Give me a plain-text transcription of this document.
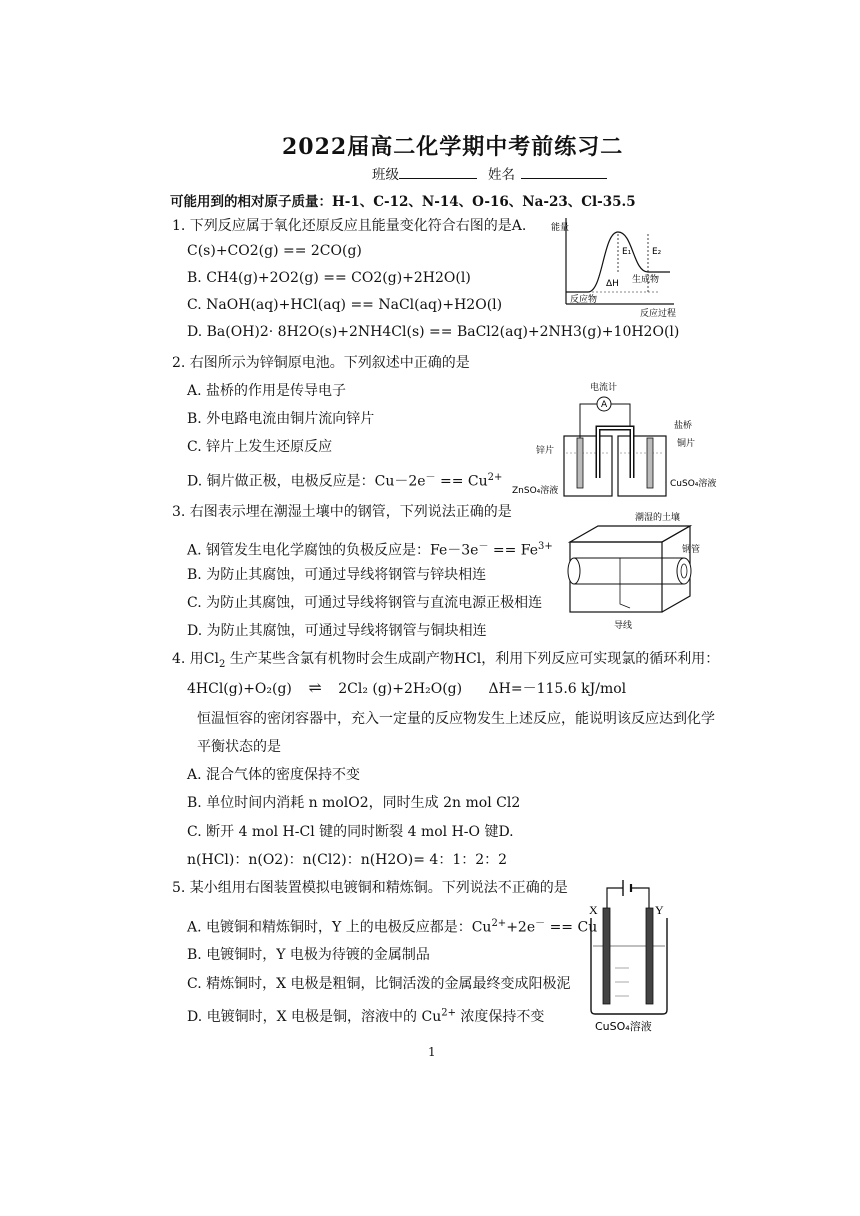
2022届高二化学期中考前练习二
班级	姓名
可能用到的相对原子质量：H-1、C-12、N-14、O-16、Na-23、Cl-35.5
1. 下列反应属于氧化还原反应且能量变化符合右图的是A.
C(s)+CO2(g) == 2CO(g)
B. CH4(g)+2O2(g) == CO2(g)+2H2O(l)
C. NaOH(aq)+HCl(aq) == NaCl(aq)+H2O(l)
D. Ba(OH)2· 8H2O(s)+2NH4Cl(s) == BaCl2(aq)+2NH3(g)+10H2O(l)
能量
E₁ E₂
ΔH 生成物
反应物
反应过程
2. 右图所示为锌铜原电池。下列叙述中正确的是
A. 盐桥的作用是传导电子
B. 外电路电流由铜片流向锌片
C. 锌片上发生还原反应
D. 铜片做正极，电极反应是：$Cu-2e^- == Cu^{2+}$
电流计
A
盐桥
铜片
锌片
ZnSO₄溶液
CuSO₄溶液
3. 右图表示埋在潮湿土壤中的钢管，下列说法正确的是
A. 钢管发生电化学腐蚀的负极反应是：$Fe-3e^- == Fe^{3+}$
B. 为防止其腐蚀，可通过导线将钢管与锌块相连
C. 为防止其腐蚀，可通过导线将钢管与直流电源正极相连
D. 为防止其腐蚀，可通过导线将钢管与铜块相连
潮湿的土壤
钢管
导线
4. 用$Cl_2$ 生产某些含氯有机物时会生成副产物HCl，利用下列反应可实现氯的循环利用：
4HCl(g)+O₂(g) ⇌ 2Cl₂ (g)+2H₂O(g) ΔH=－115.6 kJ/mol
恒温恒容的密闭容器中，充入一定量的反应物发生上述反应，能说明该反应达到化学
平衡状态的是
A. 混合气体的密度保持不变
B. 单位时间内消耗 n molO2，同时生成 2n mol Cl2
C. 断开 4 mol H-Cl 键的同时断裂 4 mol H-O 键D.
n(HCl)：n(O2)：n(Cl2)：n(H2O)= 4：1：2：2
5. 某小组用右图装置模拟电镀铜和精炼铜。下列说法不正确的是
A. 电镀铜和精炼铜时，Y 上的电极反应都是：$Cu^{2+}+2e^- == Cu$
B. 电镀铜时，Y 电极为待镀的金属制品
C. 精炼铜时，X 电极是粗铜，比铜活泼的金属最终变成阳极泥
D. 电镀铜时，X 电极是铜，溶液中的 $Cu^{2+}$ 浓度保持不变
X	Y
CuSO₄溶液
1
